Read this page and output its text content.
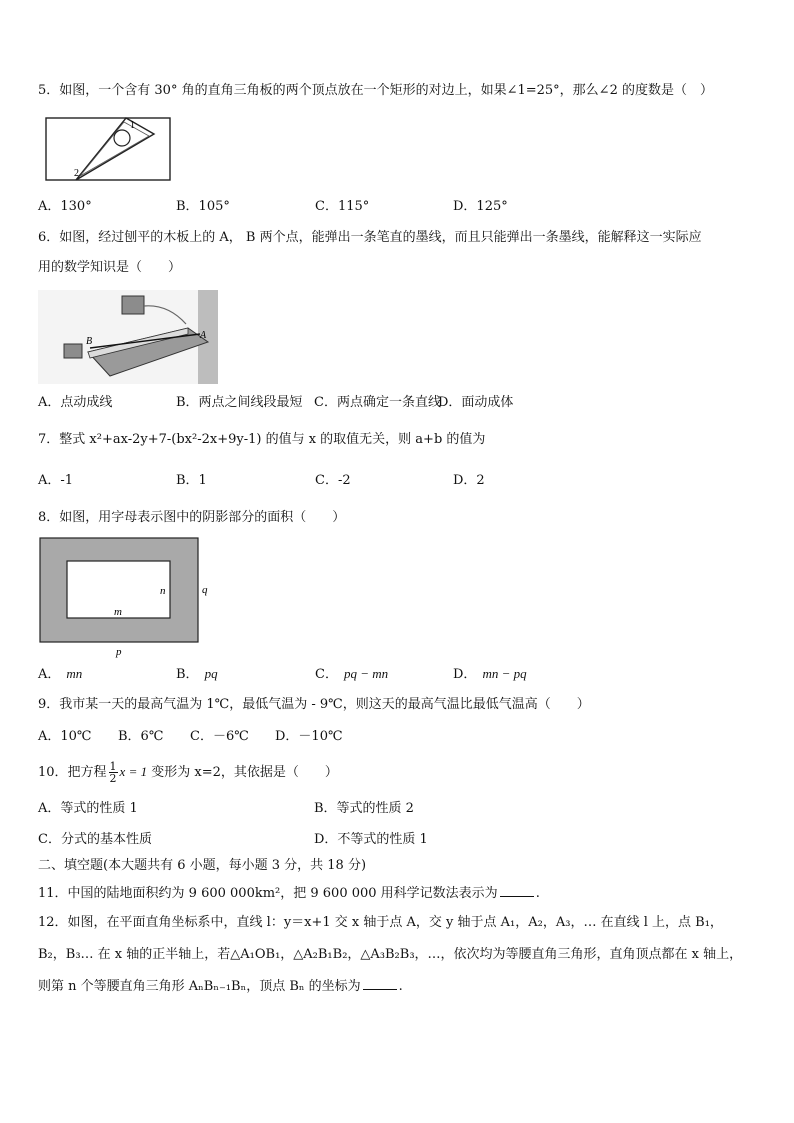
5．如图，一个含有 30° 角的直角三角板的两个顶点放在一个矩形的对边上，如果∠1=25°，那么∠2 的度数是（　）
1
2
A．130°	B．105°	C．115°	D．125°
6．如图，经过刨平的木板上的 A， B 两个点，能弹出一条笔直的墨线，而且只能弹出一条墨线，能解释这一实际应
用的数学知识是（　　）
B
A
A．点动成线	B．两点之间线段最短 C．两点确定一条直线
D．面动成体
7．整式 x²+ax-2y+7-(bx²-2x+9y-1) 的值与 x 的取值无关，则 a+b 的值为
A．-1	B．1	C．-2	D．2
8．如图，用字母表示图中的阴影部分的面积（　　）
n
m
q
p
A． mn	B． pq	C． pq − mn	D． mn − pq
9．我市某一天的最高气温为 1℃，最低气温为 - 9℃，则这天的最高气温比最低气温高（　　）
A．10℃ B．6℃ C．－6℃ D．－10℃
10．把方程 $\frac{1}{2}$ x = 1 变形为 x=2，其依据是（　　）
A．等式的性质 1	B．等式的性质 2
C．分式的基本性质	D．不等式的性质 1
二、填空题(本大题共有 6 小题，每小题 3 分，共 18 分)
11．中国的陆地面积约为 9 600 000km²，把 9 600 000 用科学记数法表示为	.
12．如图，在平面直角坐标系中，直线 l：y＝x+1 交 x 轴于点 A，交 y 轴于点 A₁，A₂，A₃，… 在直线 l 上，点 B₁，
B₂，B₃… 在 x 轴的正半轴上，若△A₁OB₁，△A₂B₁B₂，△A₃B₂B₃，…，依次均为等腰直角三角形，直角顶点都在 x 轴上，
则第 n 个等腰直角三角形 AₙBₙ₋₁Bₙ，顶点 Bₙ 的坐标为	.
